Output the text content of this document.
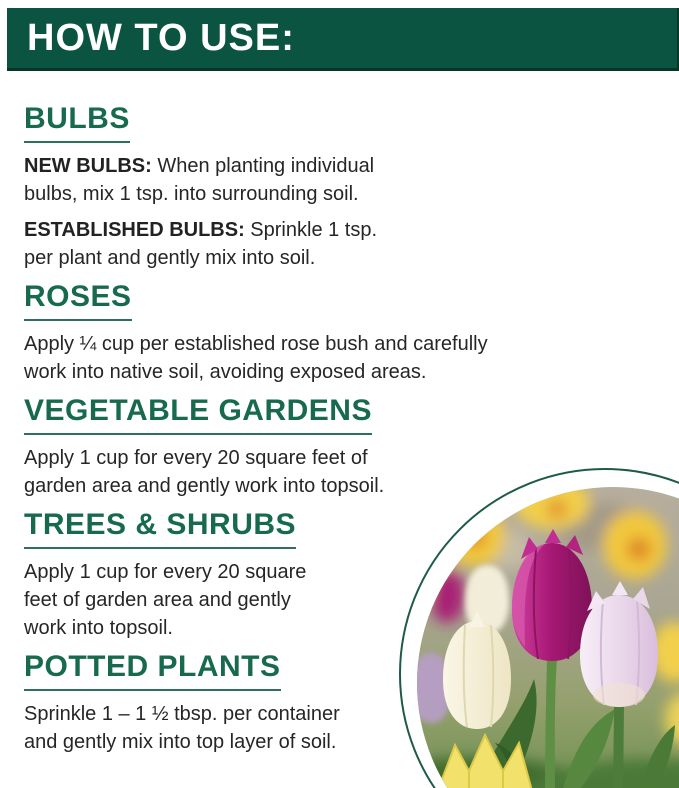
HOW TO USE:
BULBS

NEW BULBS: When planting individual
bulbs, mix 1 tsp. into surrounding soil.

ESTABLISHED BULBS: Sprinkle 1 tsp.
per plant and gently mix into soil.

ROSES

Apply ¼ cup per established rose bush and carefully
work into native soil, avoiding exposed areas.

VEGETABLE GARDENS

Apply 1 cup for every 20 square feet of
garden area and gently work into topsoil.

TREES & SHRUBS

Apply 1 cup for every 20 square
feet of garden area and gently
work into topsoil.

POTTED PLANTS

Sprinkle 1 – 1 ½ tbsp. per container
and gently mix into top layer of soil.
